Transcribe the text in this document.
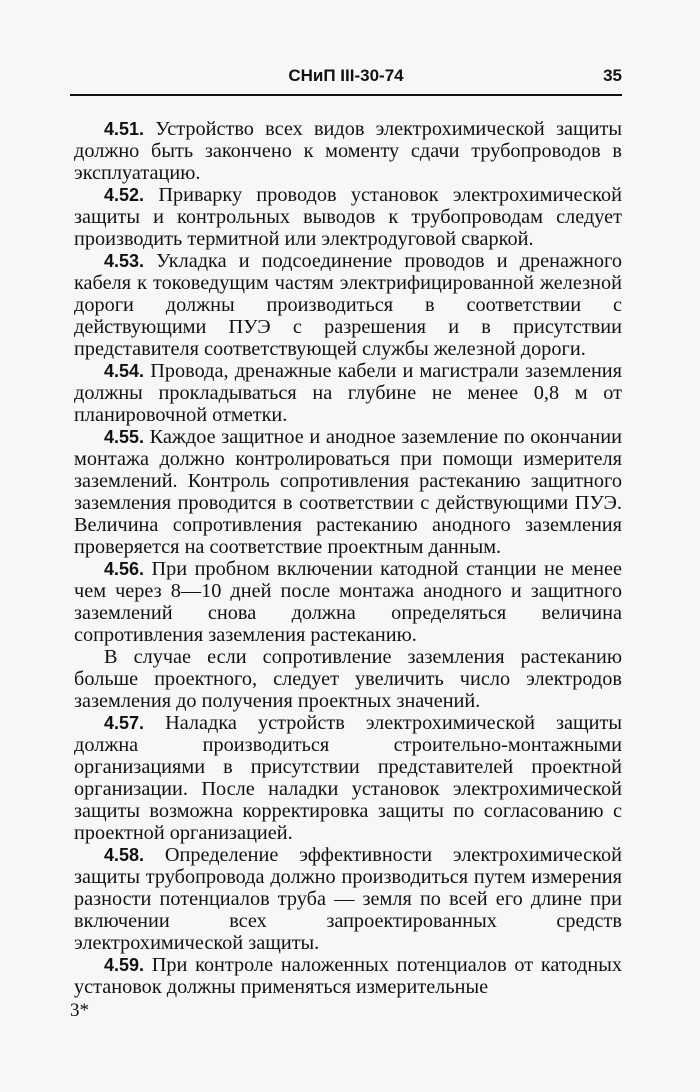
СНиП III-30-74	35

4.51. Устройство всех видов электрохимической защиты должно быть закончено к моменту сдачи трубопроводов в эксплуатацию.

4.52. Приварку проводов установок электрохимической защиты и контрольных выводов к трубопроводам следует производить термитной или электродуговой сваркой.

4.53. Укладка и подсоединение проводов и дренажного кабеля к токоведущим частям электрифицированной железной дороги должны производиться в соответствии с действующими ПУЭ с разрешения и в присутствии представителя соответствующей службы железной дороги.

4.54. Провода, дренажные кабели и магистрали заземления должны прокладываться на глубине не менее 0,8 м от планировочной отметки.

4.55. Каждое защитное и анодное заземление по окончании монтажа должно контролироваться при помощи измерителя заземлений. Контроль сопротивления растеканию защитного заземления проводится в соответствии с действующими ПУЭ. Величина сопротивления растеканию анодного заземления проверяется на соответствие проектным данным.

4.56. При пробном включении катодной станции не менее чем через 8—10 дней после монтажа анодного и защитного заземлений снова должна определяться величина сопротивления заземления растеканию.

В случае если сопротивление заземления растеканию больше проектного, следует увеличить число электродов заземления до получения проектных значений.

4.57. Наладка устройств электрохимической защиты должна производиться строительно-монтажными организациями в присутствии представителей проектной организации. После наладки установок электрохимической защиты возможна корректировка защиты по согласованию с проектной организацией.

4.58. Определение эффективности электрохимической защиты трубопровода должно производиться путем измерения разности потенциалов труба — земля по всей его длине при включении всех запроектированных средств электрохимической защиты.

4.59. При контроле наложенных потенциалов от катодных установок должны применяться измерительные

3*
